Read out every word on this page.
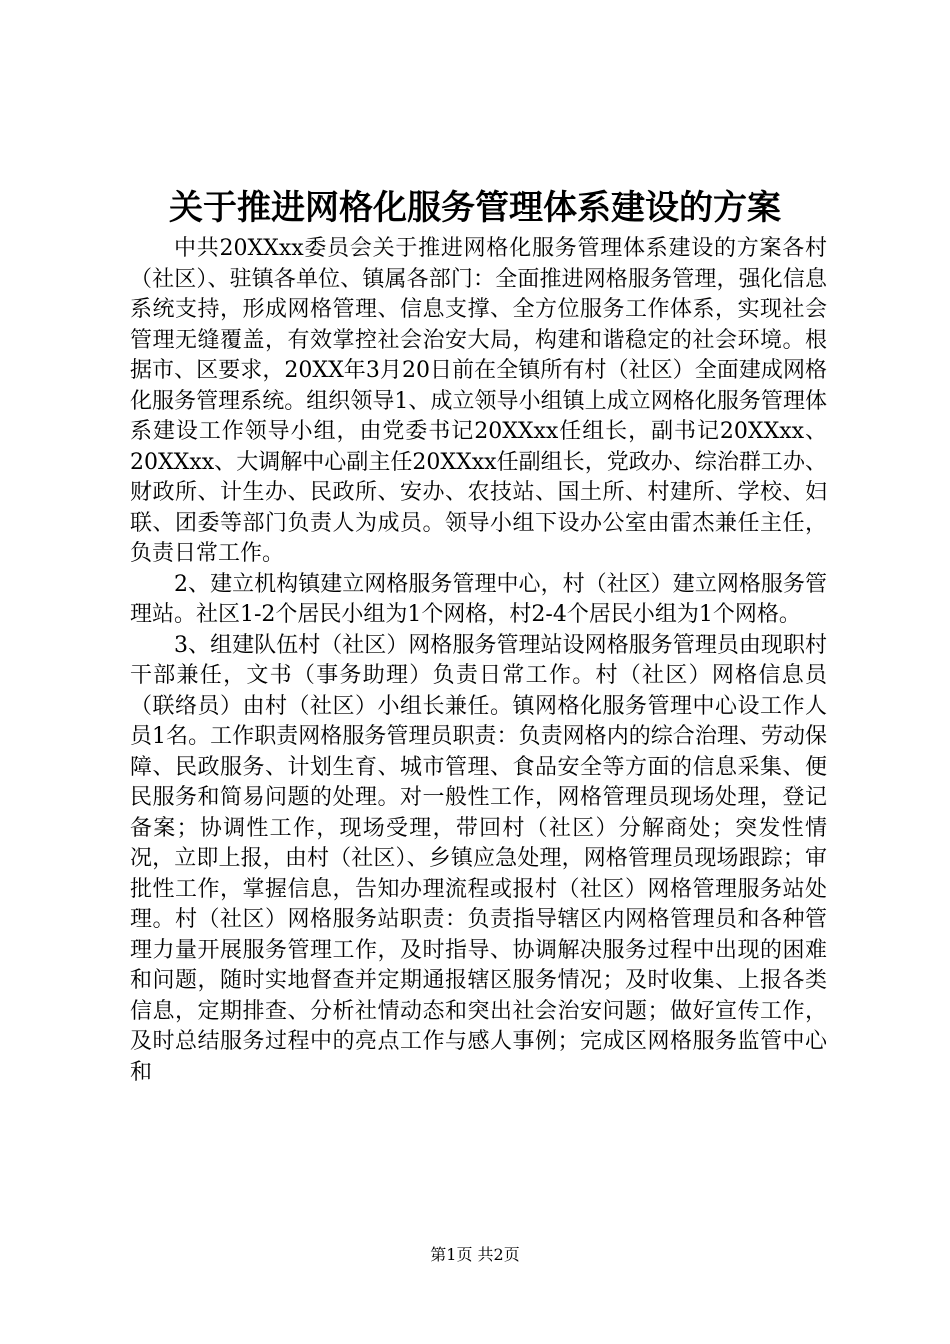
关于推进网格化服务管理体系建设的方案

中共20XXxx委员会关于推进网格化服务管理体系建设的方案各村（社区）、驻镇各单位、镇属各部门：全面推进网格服务管理，强化信息系统支持，形成网格管理、信息支撑、全方位服务工作体系，实现社会管理无缝覆盖，有效掌控社会治安大局，构建和谐稳定的社会环境。根据市、区要求，20XX年3月20日前在全镇所有村（社区）全面建成网格化服务管理系统。组织领导1、成立领导小组镇上成立网格化服务管理体系建设工作领导小组，由党委书记20XXxx任组长，副书记20XXxx、20XXxx、大调解中心副主任20XXxx任副组长，党政办、综治群工办、财政所、计生办、民政所、安办、农技站、国土所、村建所、学校、妇联、团委等部门负责人为成员。领导小组下设办公室由雷杰兼任主任，负责日常工作。

2、建立机构镇建立网格服务管理中心，村（社区）建立网格服务管理站。社区1-2个居民小组为1个网格，村2-4个居民小组为1个网格。

3、组建队伍村（社区）网格服务管理站设网格服务管理员由现职村干部兼任，文书（事务助理）负责日常工作。村（社区）网格信息员（联络员）由村（社区）小组长兼任。镇网格化服务管理中心设工作人员1名。工作职责网格服务管理员职责：负责网格内的综合治理、劳动保障、民政服务、计划生育、城市管理、食品安全等方面的信息采集、便民服务和简易问题的处理。对一般性工作，网格管理员现场处理，登记备案；协调性工作，现场受理，带回村（社区）分解商处；突发性情况，立即上报，由村（社区）、乡镇应急处理，网格管理员现场跟踪；审批性工作，掌握信息，告知办理流程或报村（社区）网格管理服务站处理。村（社区）网格服务站职责：负责指导辖区内网格管理员和各种管理力量开展服务管理工作，及时指导、协调解决服务过程中出现的困难和问题，随时实地督查并定期通报辖区服务情况；及时收集、上报各类信息，定期排查、分析社情动态和突出社会治安问题；做好宣传工作，及时总结服务过程中的亮点工作与感人事例；完成区网格服务监管中心和

第1页 共2页
